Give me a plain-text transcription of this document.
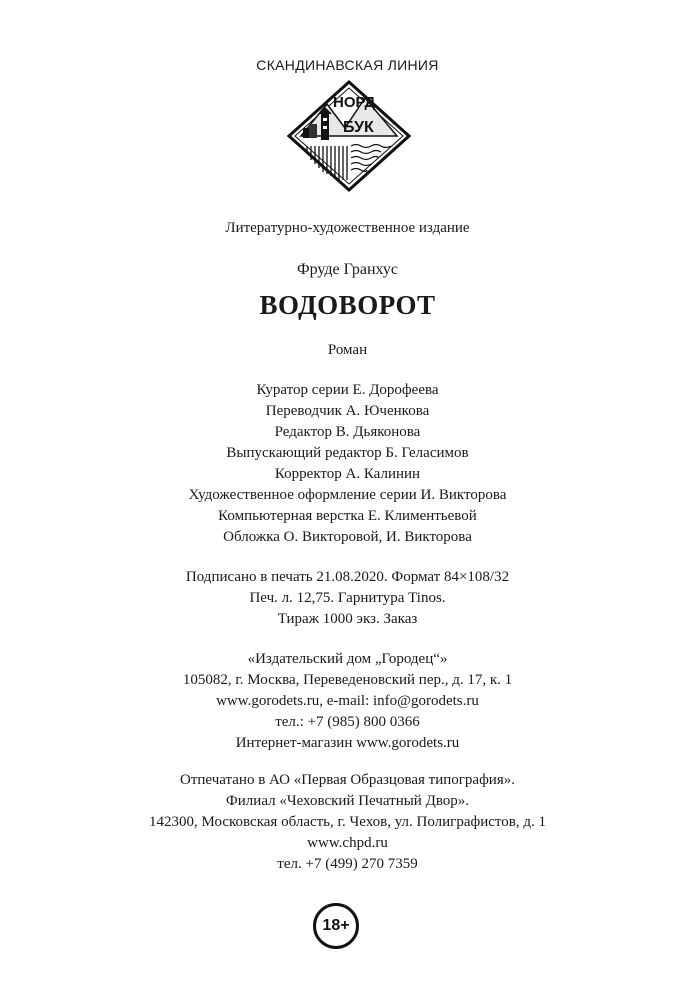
СКАНДИНАВСКАЯ ЛИНИЯ
НОРД
БУК
Литературно-художественное издание
Фруде Гранхус
ВОДОВОРОТ
Роман
Куратор серии Е. Дорофеева
Переводчик А. Юченкова
Редактор В. Дьяконова
Выпускающий редактор Б. Геласимов
Корректор А. Калинин
Художественное оформление серии И. Викторова
Компьютерная верстка Е. Климентьевой
Обложка О. Викторовой, И. Викторова
Подписано в печать 21.08.2020. Формат 84×108/32
Печ. л. 12,75. Гарнитура Tinos.
Тираж 1000 экз. Заказ
«Издательский дом „Городец“»
105082, г. Москва, Переведеновский пер., д. 17, к. 1
www.gorodets.ru, e-mail: info@gorodets.ru
тел.: +7 (985) 800 0366
Интернет-магазин www.gorodets.ru
Отпечатано в АО «Первая Образцовая типография».
Филиал «Чеховский Печатный Двор».
142300, Московская область, г. Чехов, ул. Полиграфистов, д. 1
www.chpd.ru
тел. +7 (499) 270 7359
18+
